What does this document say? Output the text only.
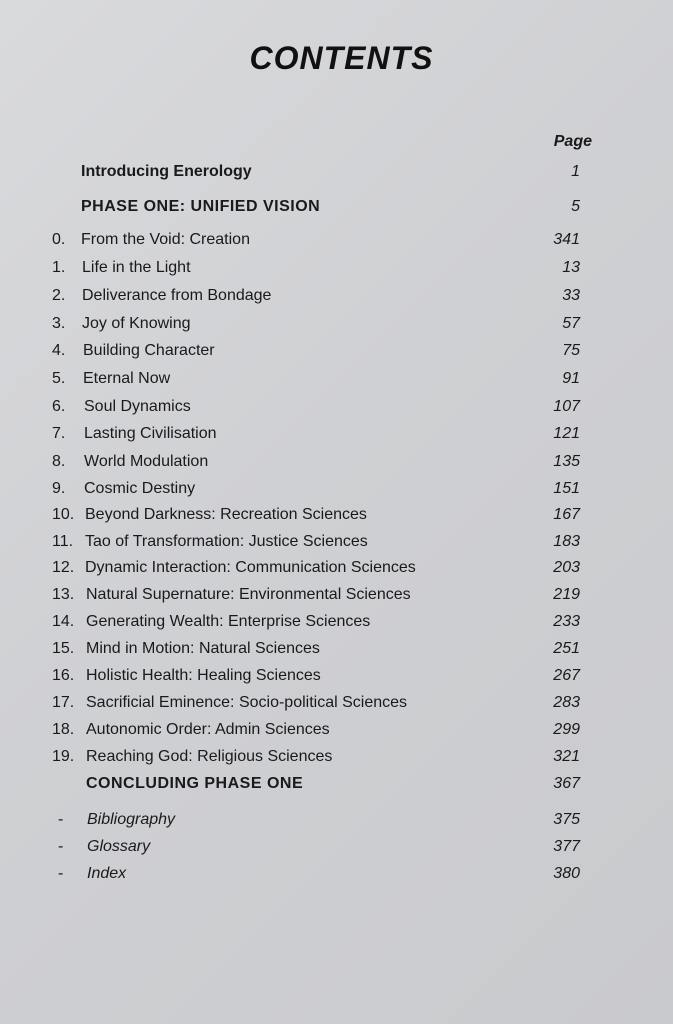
CONTENTS
Page
Introducing Enerology	1
PHASE ONE: UNIFIED VISION	5
0. From the Void: Creation	341
1.	Life in the Light	13
2.	Deliverance from Bondage	33
3.	Joy of Knowing	57
4.	Building Character	75
5.	Eternal Now	91
6.	Soul Dynamics	107
7.	Lasting Civilisation	121
8.	World Modulation	135
9.	Cosmic Destiny	151
10. Beyond Darkness: Recreation Sciences	167
11. Tao of Transformation: Justice Sciences	183
12. Dynamic Interaction: Communication Sciences	203
13. Natural Supernature: Environmental Sciences	219
14. Generating Wealth: Enterprise Sciences	233
15. Mind in Motion: Natural Sciences	251
16. Holistic Health: Healing Sciences	267
17. Sacrificial Eminence: Socio-political Sciences	283
18. Autonomic Order: Admin Sciences	299
19. Reaching God: Religious Sciences	321
CONCLUDING PHASE ONE	367
-	Bibliography	375
-	Glossary	377
-	Index	380
